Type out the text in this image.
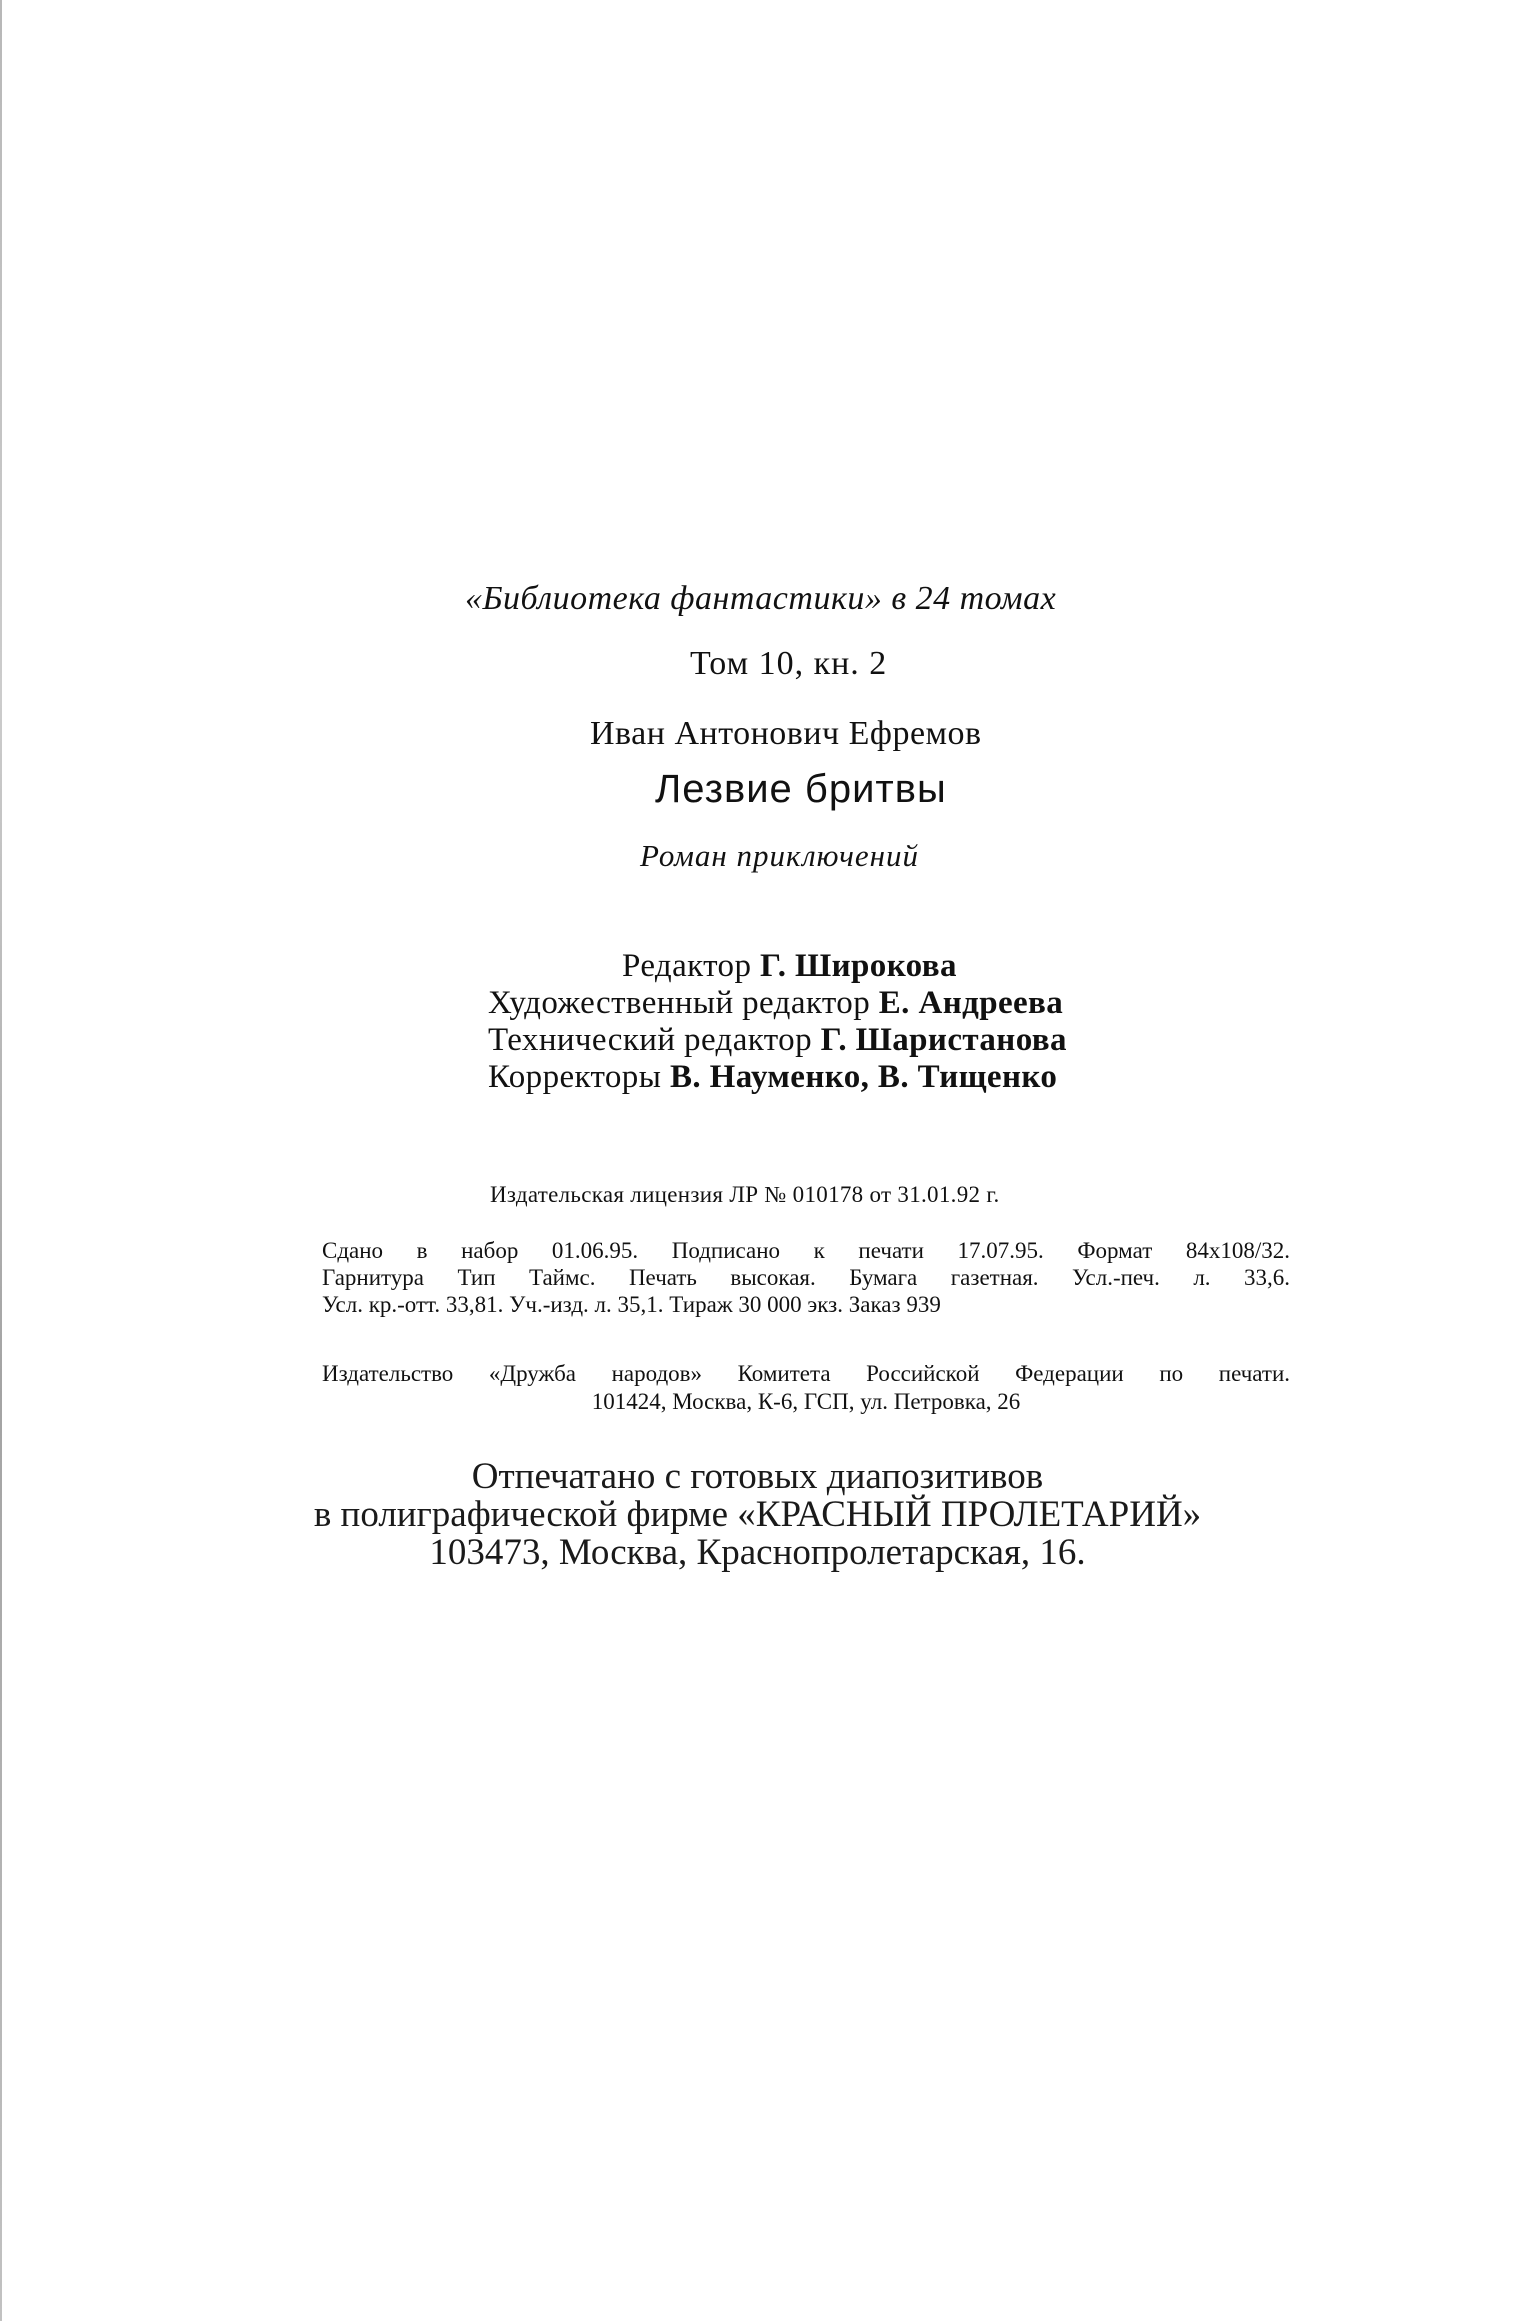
«Библиотека фантастики» в 24 томах
Том 10, кн. 2
Иван Антонович Ефремов
Лезвие бритвы
Роман приключений
Редактор Г. Широкова
Художественный редактор Е. Андреева
Технический редактор Г. Шаристанова
Корректоры В. Науменко, В. Тищенко
Издательская лицензия ЛР № 010178 от 31.01.92 г.
Сдано в набор 01.06.95. Подписано к печати 17.07.95. Формат 84х108/32.
Гарнитура Тип Таймс. Печать высокая. Бумага газетная. Усл.-печ. л. 33,6.
Усл. кр.-отт. 33,81. Уч.-изд. л. 35,1. Тираж 30 000 экз. Заказ 939
Издательство «Дружба народов» Комитета Российской Федерации по печати.
101424, Москва, К-6, ГСП, ул. Петровка, 26
Отпечатано с готовых диапозитивов
в полиграфической фирме «КРАСНЫЙ ПРОЛЕТАРИЙ»
103473, Москва, Краснопролетарская, 16.
